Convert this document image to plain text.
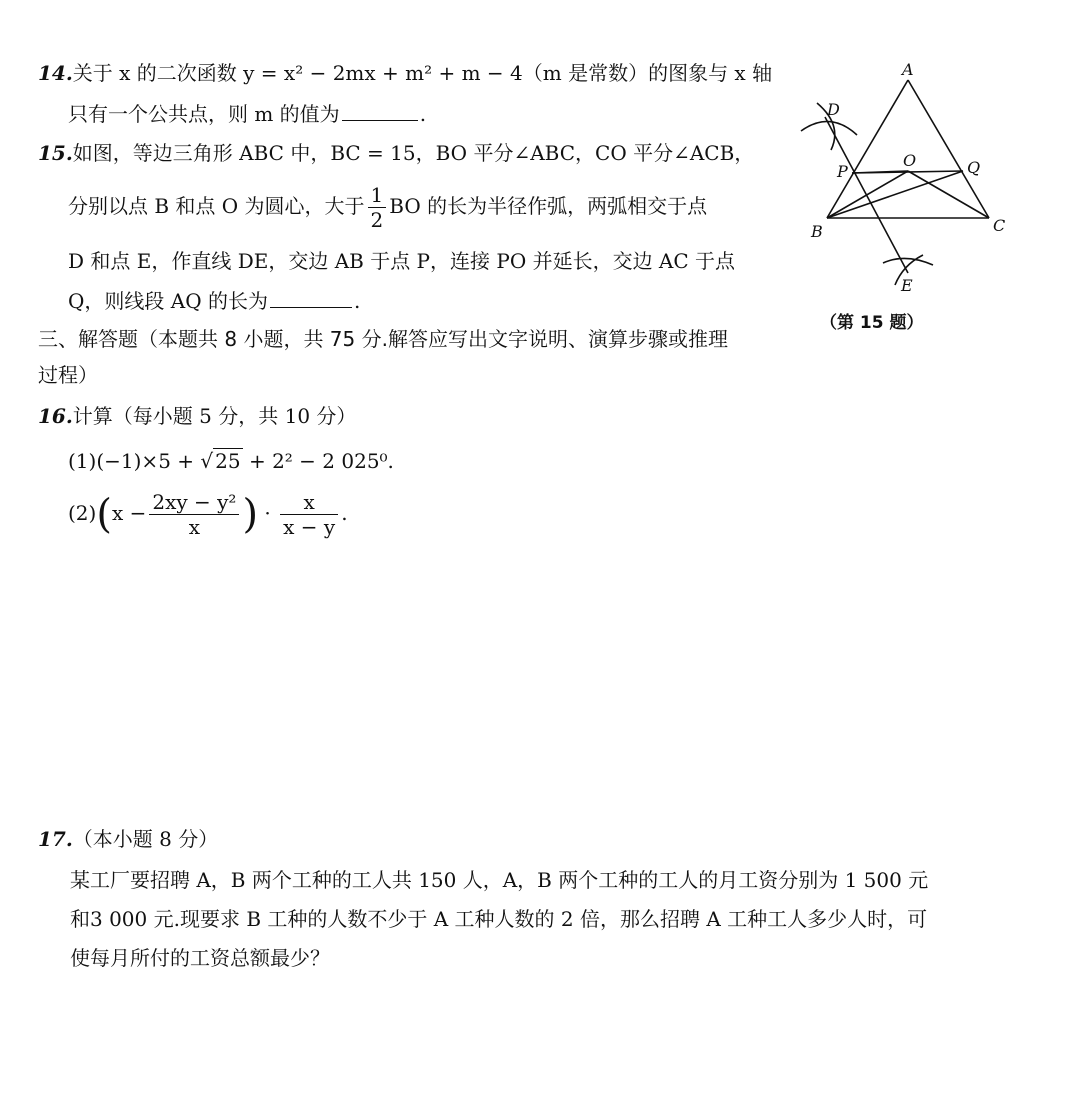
14.关于 x 的二次函数 y = x² − 2mx + m² + m − 4（m 是常数）的图象与 x 轴
只有一个公共点，则 m 的值为	.
15.如图，等边三角形 ABC 中，BC = 15，BO 平分∠ABC，CO 平分∠ACB，
分别以点 B 和点 O 为圆心，大于 $\frac{1}{2}$ BO 的长为半径作弧，两弧相交于点
D 和点 E，作直线 DE，交边 AB 于点 P，连接 PO 并延长，交边 AC 于点
Q，则线段 AQ 的长为	.
A
B	C
D
E
P
O	Q
（第 15 题）
三、解答题（本题共 8 小题，共 75 分.解答应写出文字说明、演算步骤或推理
过程）
16.计算（每小题 5 分，共 10 分）
(1)(−1)×5 + √ 25 + 2² − 2 025⁰.
$(2)(x - \frac{\text{2xy − y²}}{x}$ ) · $\frac{x}{x - y}$ .
17.（本小题 8 分）
某工厂要招聘 A，B 两个工种的工人共 150 人，A，B 两个工种的工人的月工资分别为 1 500 元
和3 000 元.现要求 B 工种的人数不少于 A 工种人数的 2 倍，那么招聘 A 工种工人多少人时，可
使每月所付的工资总额最少？
